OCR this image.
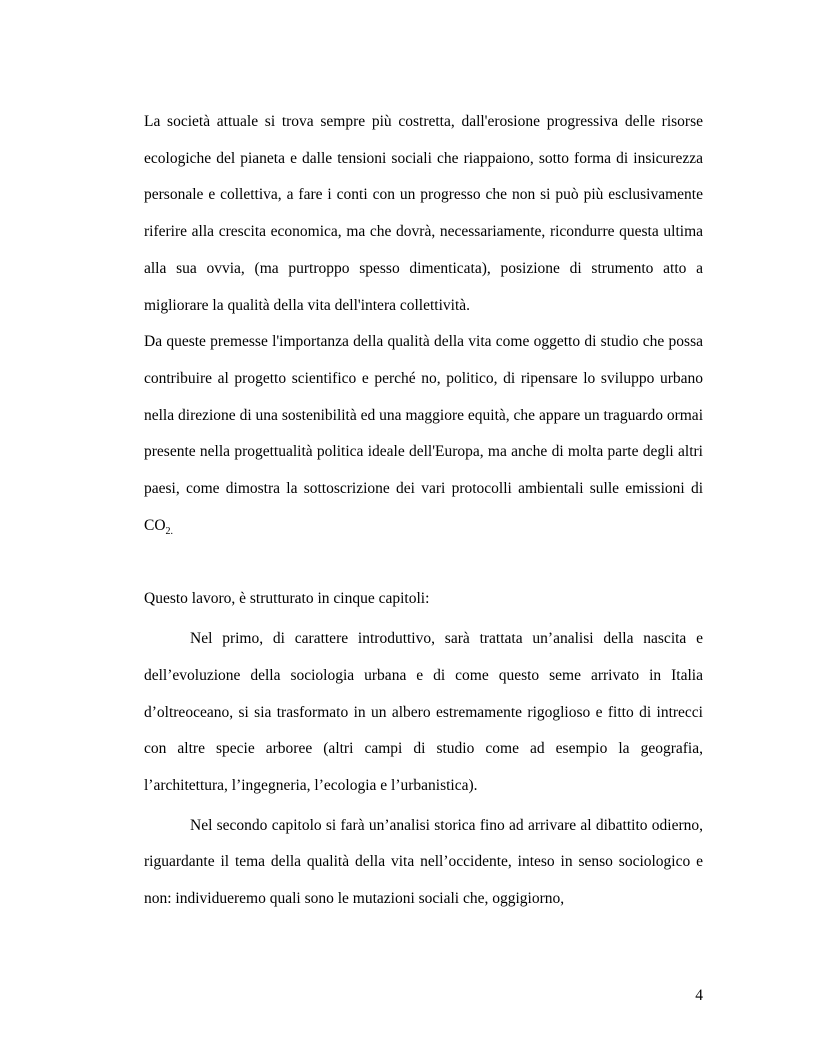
La società attuale si trova sempre più costretta, dall'erosione progressiva delle risorse ecologiche del pianeta e dalle tensioni sociali che riappaiono, sotto forma di insicurezza personale e collettiva, a fare i conti con un progresso che non si può più esclusivamente riferire alla crescita economica, ma che dovrà, necessariamente, ricondurre questa ultima alla sua ovvia, (ma purtroppo spesso dimenticata), posizione di strumento atto a migliorare la qualità della vita dell'intera collettività.

Da queste premesse l'importanza della qualità della vita come oggetto di studio che possa contribuire al progetto scientifico e perché no, politico, di ripensare lo sviluppo urbano nella direzione di una sostenibilità ed una maggiore equità, che appare un traguardo ormai presente nella progettualità politica ideale dell'Europa, ma anche di molta parte degli altri paesi, come dimostra la sottoscrizione dei vari protocolli ambientali sulle emissioni di $CO_{2.}$

Questo lavoro, è strutturato in cinque capitoli:

Nel primo, di carattere introduttivo, sarà trattata un’analisi della nascita e dell’evoluzione della sociologia urbana e di come questo seme arrivato in Italia d’oltreoceano, si sia trasformato in un albero estremamente rigoglioso e fitto di intrecci con altre specie arboree (altri campi di studio come ad esempio la geografia, l’architettura, l’ingegneria, l’ecologia e l’urbanistica).

Nel secondo capitolo si farà un’analisi storica fino ad arrivare al dibattito odierno, riguardante il tema della qualità della vita nell’occidente, inteso in senso sociologico e non: individueremo quali sono le mutazioni sociali che, oggigiorno,

4
